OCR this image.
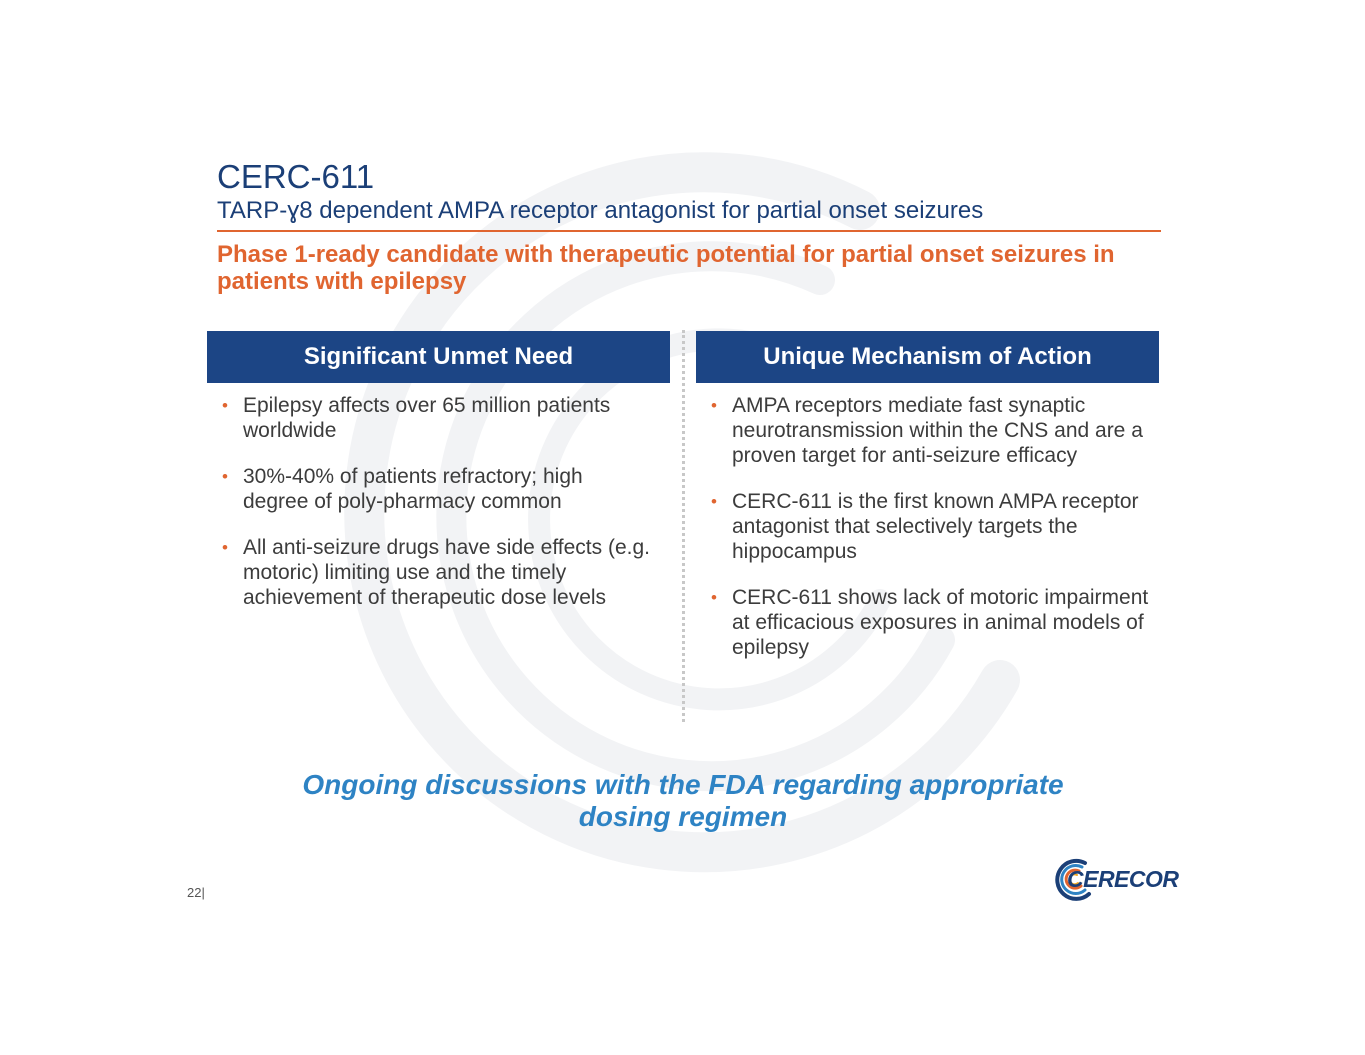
CERC-611
TARP-ɣ8 dependent AMPA receptor antagonist for partial onset seizures
Phase 1-ready candidate with therapeutic potential for partial onset seizures in patients with epilepsy
Significant Unmet Need	Unique Mechanism of Action
• Epilepsy affects over 65 million patients worldwide
• 30%-40% of patients refractory; high degree of poly-pharmacy common
• All anti-seizure drugs have side effects (e.g. motoric) limiting use and the timely achievement of therapeutic dose levels
• AMPA receptors mediate fast synaptic neurotransmission within the CNS and are a proven target for anti-seizure efficacy
• CERC-611 is the first known AMPA receptor antagonist that selectively targets the hippocampus
• CERC-611 shows lack of motoric impairment at efficacious exposures in animal models of epilepsy
Ongoing discussions with the FDA regarding appropriate dosing regimen
22|
CERECOR
